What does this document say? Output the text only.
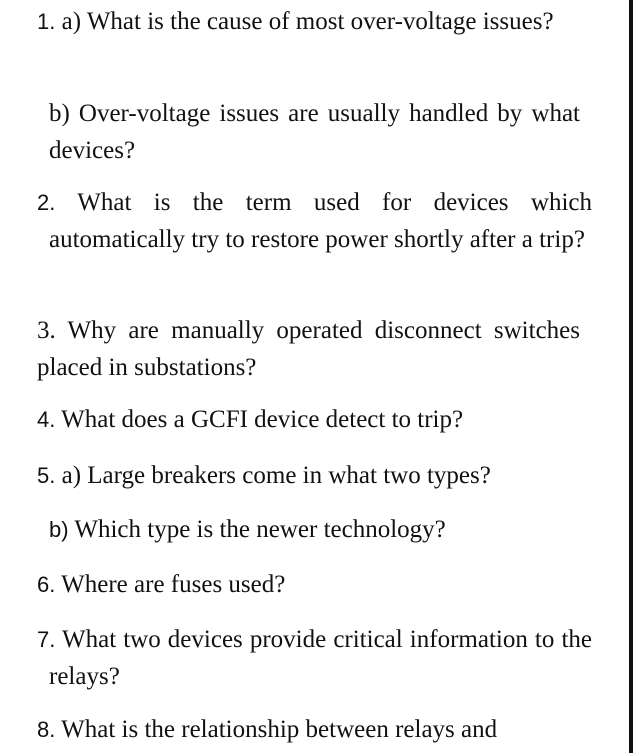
1. a) What is the cause of most over-voltage issues?

b) Over-voltage issues are usually handled by what devices?

2. What is the term used for devices which automatically try to restore power shortly after a trip?

3. Why are manually operated disconnect switches placed in substations?

4. What does a GCFI device detect to trip?

5. a) Large breakers come in what two types?

b) Which type is the newer technology?

6. Where are fuses used?

7. What two devices provide critical information to the relays?

8. What is the relationship between relays and
